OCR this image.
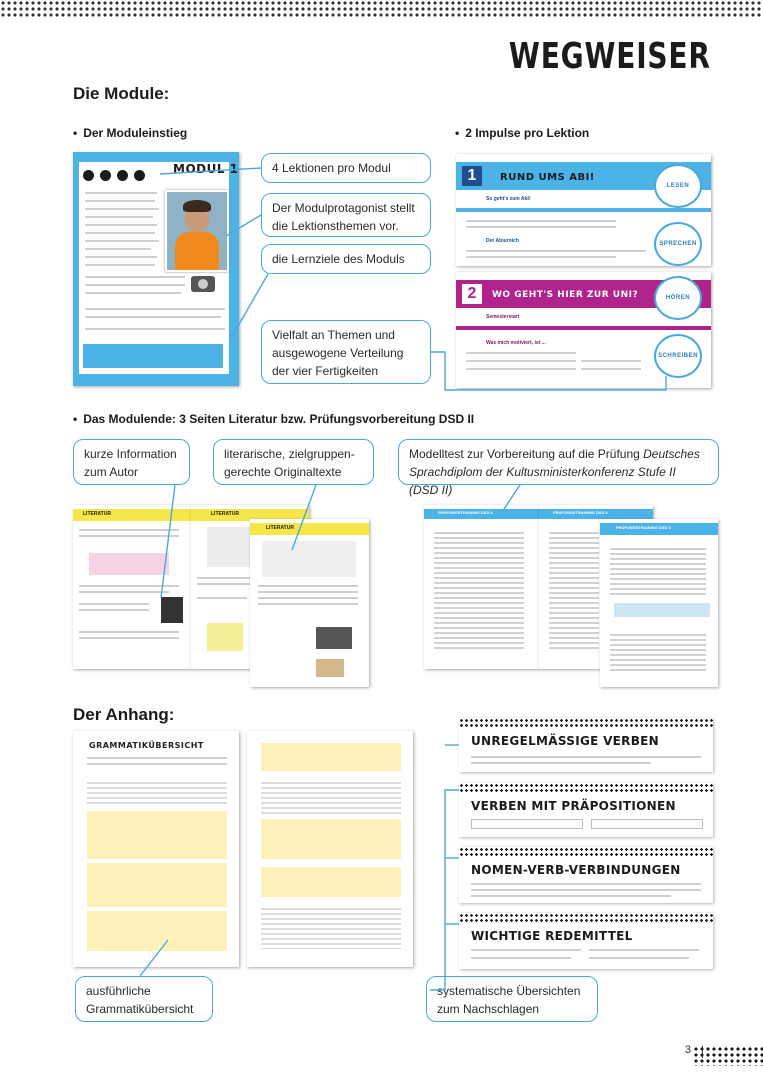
WEGWEISER
Die Module:
• Der Moduleinstieg
•	2 Impulse pro Lektion
MODUL 1	1	RUND UMS ABI!
So geht's zum Abi!
Der Abiurnich
2	WO GEHT'S HIER ZUR UNI?
Semesterstart
Was mich motiviert, ist ...
LESEN
SPRECHEN
HÖREN
SCHREIBEN
4 Lektionen pro Modul
Der Modulprotagonist stellt die Lektionsthemen vor.
die Lernziele des Moduls
Vielfalt an Themen und ausgewogene Verteilung der vier Fertigkeiten
• Das Modulende: 3 Seiten Literatur bzw. Prüfungsvorbereitung DSD II
kurze Information zum Autor
literarische, zielgruppen-gerechte Originaltexte
Modelltest zur Vorbereitung auf die Prüfung Deutsches Sprachdiplom der Kultusministerkonferenz Stufe II (DSD II)
LITERATUR	LITERATUR
LITERATUR
PRÜFUNGSTRAINING DSD II	PRÜFUNGSTRAINING DSD II
PRÜFUNGSTRAINING DSD II
Der Anhang:
GRAMMATIKÜBERSICHT	UNREGELMÄSSIGE VERBEN
VERBEN MIT PRÄPOSITIONEN
NOMEN-VERB-VERBINDUNGEN
WICHTIGE REDEMITTEL
ausführliche Grammatikübersicht
systematische Übersichten zum Nachschlagen
3
